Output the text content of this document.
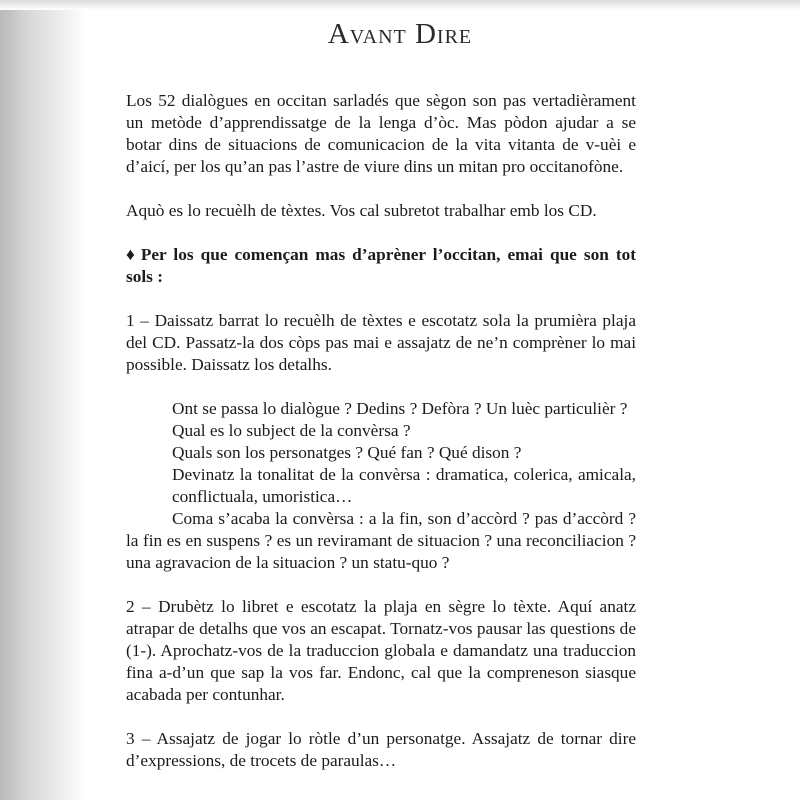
Avant Dire

Los 52 dialògues en occitan sarladés que sègon son pas vertadièrament un metòde d’apprendissatge de la lenga d’òc. Mas pòdon ajudar a se botar dins de situacions de comunicacion de la vita vitanta de v-uèi e d’aicí, per los qu’an pas l’astre de viure dins un mitan pro occitanofòne.

Aquò es lo recuèlh de tèxtes. Vos cal subretot trabalhar emb los CD.

♦ Per los que començan mas d’aprèner l’occitan, emai que son tot sols :

1 – Daissatz barrat lo recuèlh de tèxtes e escotatz sola la prumièra plaja del CD. Passatz-la dos còps pas mai e assajatz de ne’n comprèner lo mai possible. Daissatz los detalhs.

Ont se passa lo dialògue ? Dedins ? Defòra ? Un luèc particulièr ?

Qual es lo subject de la convèrsa ?

Quals son los personatges ? Qué fan ? Qué dison ?

Devinatz la tonalitat de la convèrsa : dramatica, colerica, amicala, conflictuala, umoristica…

Coma s’acaba la convèrsa : a la fin, son d’accòrd ? pas d’accòrd ? la fin es en suspens ? es un reviramant de situacion ? una reconciliacion ? una agravacion de la situacion ? un statu-quo ?

2 – Drubètz lo libret e escotatz la plaja en sègre lo tèxte. Aquí anatz atrapar de detalhs que vos an escapat. Tornatz-vos pausar las questions de (1-). Aprochatz-vos de la traduccion globala e damandatz una traduccion fina a-d’un que sap la vos far. Endonc, cal que la compreneson siasque acabada per contunhar.

3 – Assajatz de jogar lo ròtle d’un personatge. Assajatz de tornar dire d’expressions, de trocets de paraulas…
